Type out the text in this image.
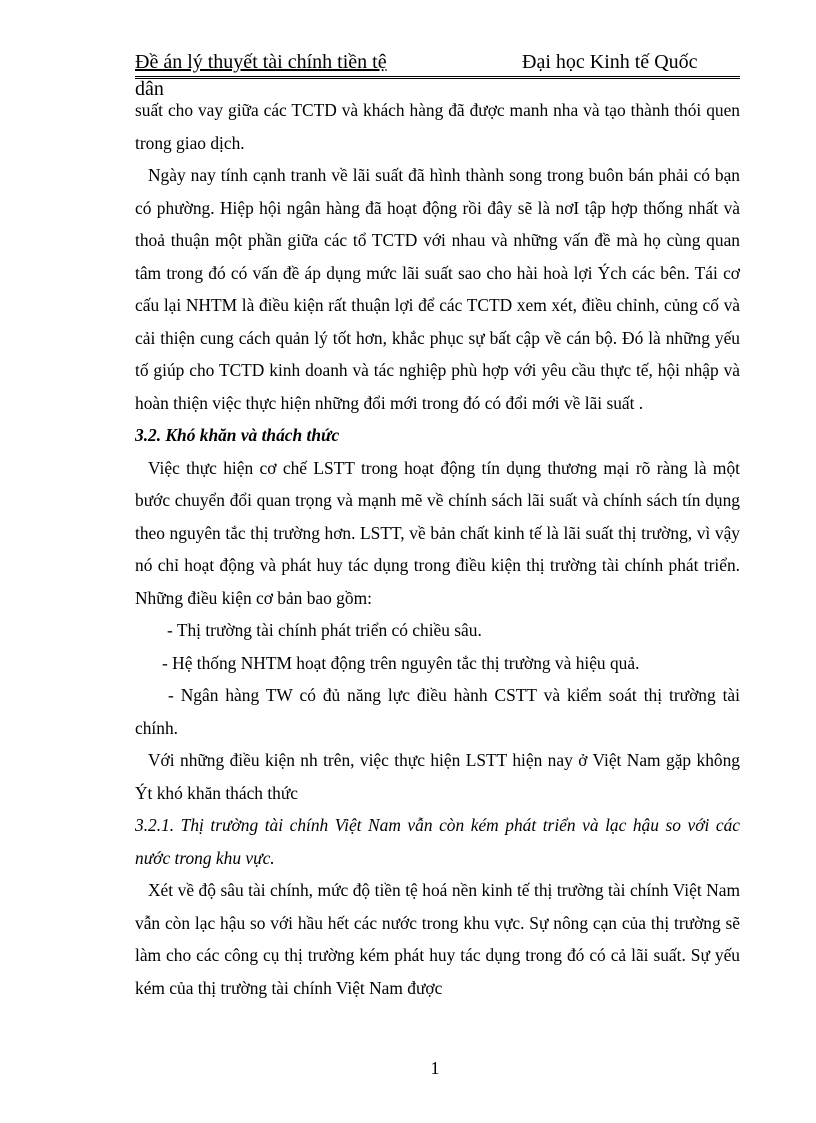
Đề án lý thuyết tài chính tiền tệ	Đại học Kinh tế Quốc
dân

suất cho vay giữa các TCTD và khách hàng đã được manh nha và tạo thành thói quen trong giao dịch.

Ngày nay tính cạnh tranh về lãi suất đã hình thành song trong buôn bán phải có bạn có phường. Hiệp hội ngân hàng đã hoạt động rồi đây sẽ là nơI tập hợp thống nhất và thoả thuận một phần giữa các tổ TCTD với nhau và những vấn đề mà họ cùng quan tâm trong đó có vấn đề áp dụng mức lãi suất sao cho hài hoà lợi Ých các bên. Tái cơ cấu lại NHTM là điều kiện rất thuận lợi để các TCTD xem xét, điều chỉnh, củng cố và cải thiện cung cách quản lý tốt hơn, khắc phục sự bất cập về cán bộ. Đó là những yếu tố giúp cho TCTD kinh doanh và tác nghiệp phù hợp với yêu cầu thực tế, hội nhập và hoàn thiện việc thực hiện những đổi mới trong đó có đổi mới về lãi suất .

3.2. Khó khăn và thách thức

Việc thực hiện cơ chế LSTT trong hoạt động tín dụng thương mại rõ ràng là một bước chuyển đổi quan trọng và mạnh mẽ về chính sách lãi suất và chính sách tín dụng theo nguyên tắc thị trường hơn. LSTT, về bản chất kinh tế là lãi suất thị trường, vì vậy nó chỉ hoạt động và phát huy tác dụng trong điều kiện thị trường tài chính phát triển. Những điều kiện cơ bản bao gồm:

- Thị trường tài chính phát triển có chiều sâu.

- Hệ thống NHTM hoạt động trên nguyên tắc thị trường và hiệu quả.

- Ngân hàng TW có đủ năng lực điều hành CSTT và kiểm soát thị trường tài chính.

Với những điều kiện nh trên, việc thực hiện LSTT hiện nay ở Việt Nam gặp không Ýt khó khăn thách thức

3.2.1. Thị trường tài chính Việt Nam vẫn còn kém phát triển và lạc hậu so với các nước trong khu vực.

Xét về độ sâu tài chính, mức độ tiền tệ hoá nền kinh tế thị trường tài chính Việt Nam vẫn còn lạc hậu so với hầu hết các nước trong khu vực. Sự nông cạn của thị trường sẽ làm cho các công cụ thị trường kém phát huy tác dụng trong đó có cả lãi suất. Sự yếu kém của thị trường tài chính Việt Nam được

1
